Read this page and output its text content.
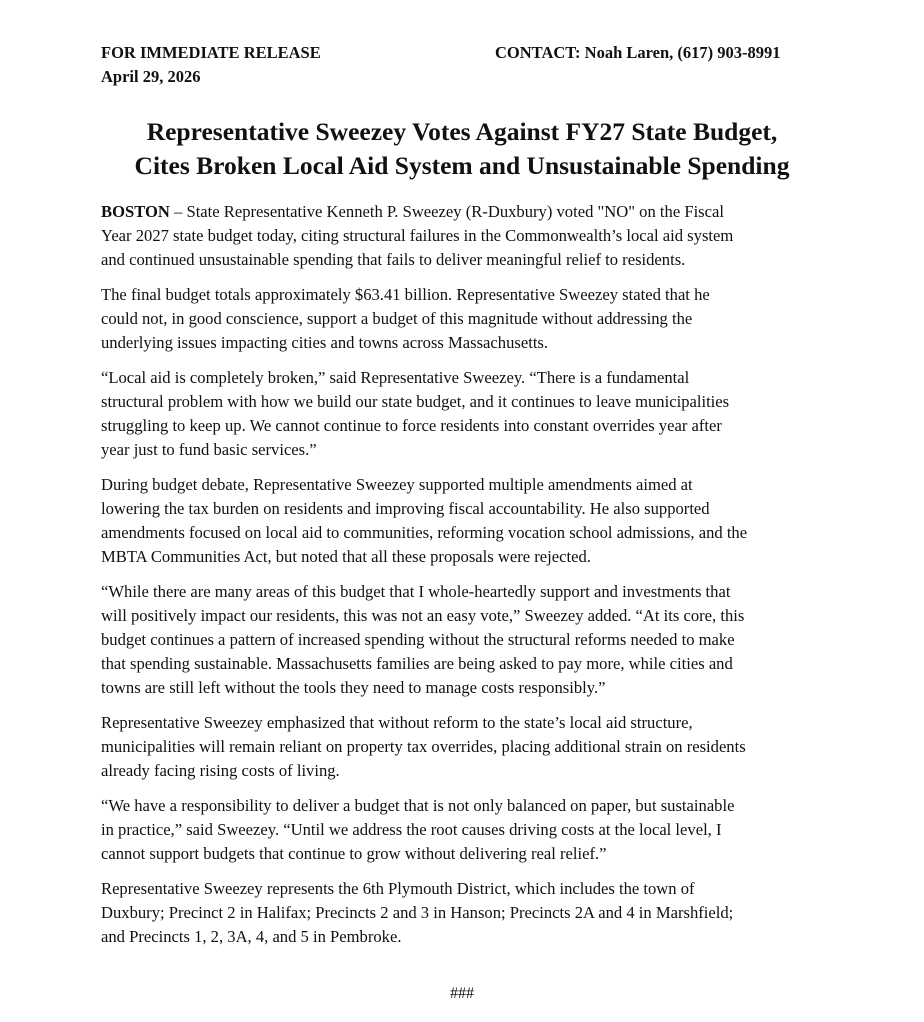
FOR IMMEDIATE RELEASE
April 29, 2026
CONTACT: Noah Laren, (617) 903-8991
Representative Sweezey Votes Against FY27 State Budget,
Cites Broken Local Aid System and Unsustainable Spending

BOSTON – State Representative Kenneth P. Sweezey (R-Duxbury) voted "NO" on the Fiscal
Year 2027 state budget today, citing structural failures in the Commonwealth’s local aid system
and continued unsustainable spending that fails to deliver meaningful relief to residents.

The final budget totals approximately $63.41 billion. Representative Sweezey stated that he
could not, in good conscience, support a budget of this magnitude without addressing the
underlying issues impacting cities and towns across Massachusetts.

“Local aid is completely broken,” said Representative Sweezey. “There is a fundamental
structural problem with how we build our state budget, and it continues to leave municipalities
struggling to keep up. We cannot continue to force residents into constant overrides year after
year just to fund basic services.”

During budget debate, Representative Sweezey supported multiple amendments aimed at
lowering the tax burden on residents and improving fiscal accountability. He also supported
amendments focused on local aid to communities, reforming vocation school admissions, and the
MBTA Communities Act, but noted that all these proposals were rejected.

“While there are many areas of this budget that I whole-heartedly support and investments that
will positively impact our residents, this was not an easy vote,” Sweezey added. “At its core, this
budget continues a pattern of increased spending without the structural reforms needed to make
that spending sustainable. Massachusetts families are being asked to pay more, while cities and
towns are still left without the tools they need to manage costs responsibly.”

Representative Sweezey emphasized that without reform to the state’s local aid structure,
municipalities will remain reliant on property tax overrides, placing additional strain on residents
already facing rising costs of living.

“We have a responsibility to deliver a budget that is not only balanced on paper, but sustainable
in practice,” said Sweezey. “Until we address the root causes driving costs at the local level, I
cannot support budgets that continue to grow without delivering real relief.”

Representative Sweezey represents the 6th Plymouth District, which includes the town of
Duxbury; Precinct 2 in Halifax; Precincts 2 and 3 in Hanson; Precincts 2A and 4 in Marshfield;
and Precincts 1, 2, 3A, 4, and 5 in Pembroke.

###
